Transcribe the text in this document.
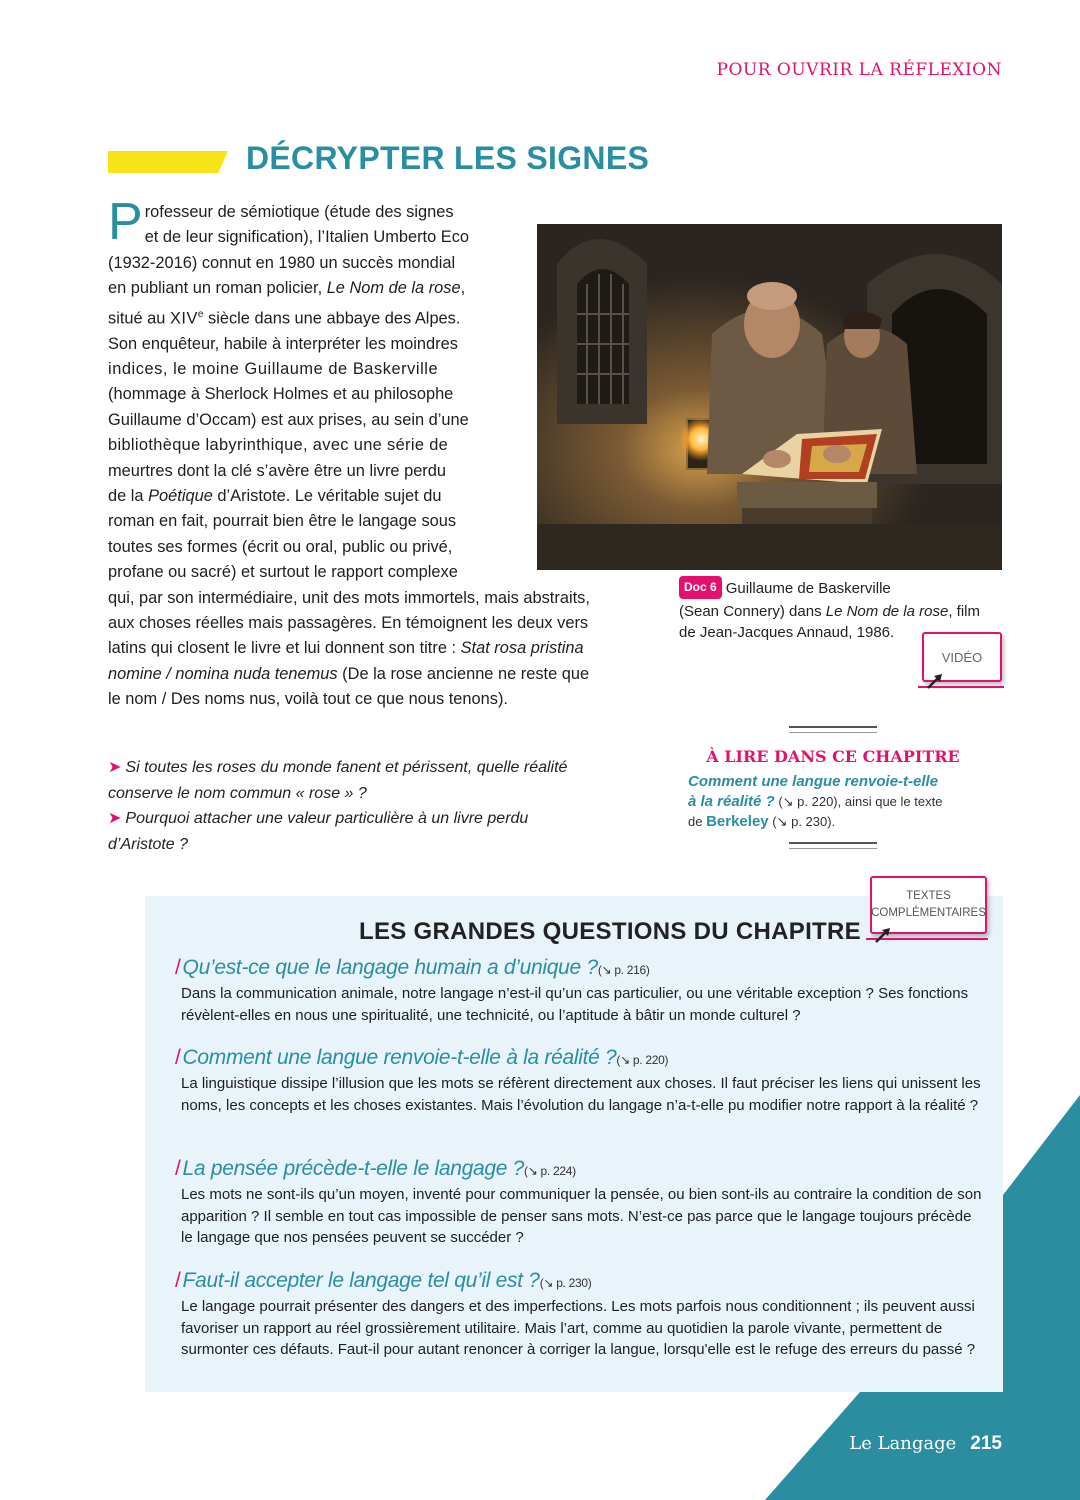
POUR OUVRIR LA RÉFLEXION
DÉCRYPTER LES SIGNES
P rofesseur de sémiotique (étude des signes
et de leur signification), l’Italien Umberto Eco
(1932-2016) connut en 1980 un succès mondial
en publiant un roman policier, Le Nom de la rose,
situé au XIVe siècle dans une abbaye des Alpes.
Son enquêteur, habile à interpréter les moindres
indices, le moine Guillaume de Baskerville
(hommage à Sherlock Holmes et au philosophe
Guillaume d’Occam) est aux prises, au sein d’une
bibliothèque labyrinthique, avec une série de
meurtres dont la clé s’avère être un livre perdu
de la Poétique d’Aristote. Le véritable sujet du
roman en fait, pourrait bien être le langage sous
toutes ses formes (écrit ou oral, public ou privé,
profane ou sacré) et surtout le rapport complexe
qui, par son intermédiaire, unit des mots immortels, mais abstraits,
aux choses réelles mais passagères. En témoignent les deux vers
latins qui closent le livre et lui donnent son titre : Stat rosa pristina
nomine / nomina nuda tenemus (De la rose ancienne ne reste que
le nom / Des noms nus, voilà tout ce que nous tenons).
Doc 6 Guillaume de Baskerville
(Sean Connery) dans Le Nom de la rose, film
de Jean-Jacques Annaud, 1986.
VIDÉO
➤ Si toutes les roses du monde fanent et périssent, quelle réalité
conserve le nom commun « rose » ?
➤ Pourquoi attacher une valeur particulière à un livre perdu
d’Aristote ?
À LIRE DANS CE CHAPITRE
Comment une langue renvoie-t-elle
à la réalité ? (↘ p. 220), ainsi que le texte
de Berkeley (↘ p. 230).
LES GRANDES QUESTIONS DU CHAPITRE
TEXTES
COMPLÉMENTAIRES
/Qu’est-ce que le langage humain a d’unique ?(↘ p. 216)
Dans la communication animale, notre langage n’est-il qu’un cas particulier, ou une véritable exception ? Ses fonctions révèlent-elles en nous une spiritualité, une technicité, ou l’aptitude à bâtir un monde culturel ?
/Comment une langue renvoie-t-elle à la réalité ?(↘ p. 220)
La linguistique dissipe l’illusion que les mots se réfèrent directement aux choses. Il faut préciser les liens qui unissent les noms, les concepts et les choses existantes. Mais l’évolution du langage n’a-t-elle pu modifier notre rapport à la réalité ?
/La pensée précède-t-elle le langage ?(↘ p. 224)
Les mots ne sont-ils qu’un moyen, inventé pour communiquer la pensée, ou bien sont-ils au contraire la condition de son apparition ? Il semble en tout cas impossible de penser sans mots. N’est-ce pas parce que le langage toujours précède le langage que nos pensées peuvent se succéder ?
/Faut-il accepter le langage tel qu’il est ?(↘ p. 230)
Le langage pourrait présenter des dangers et des imperfections. Les mots parfois nous conditionnent ; ils peuvent aussi favoriser un rapport au réel grossièrement utilitaire. Mais l’art, comme au quotidien la parole vivante, permettent de surmonter ces défauts. Faut-il pour autant renoncer à corriger la langue, lorsqu'elle est le refuge des erreurs du passé ?
Le Langage 215
